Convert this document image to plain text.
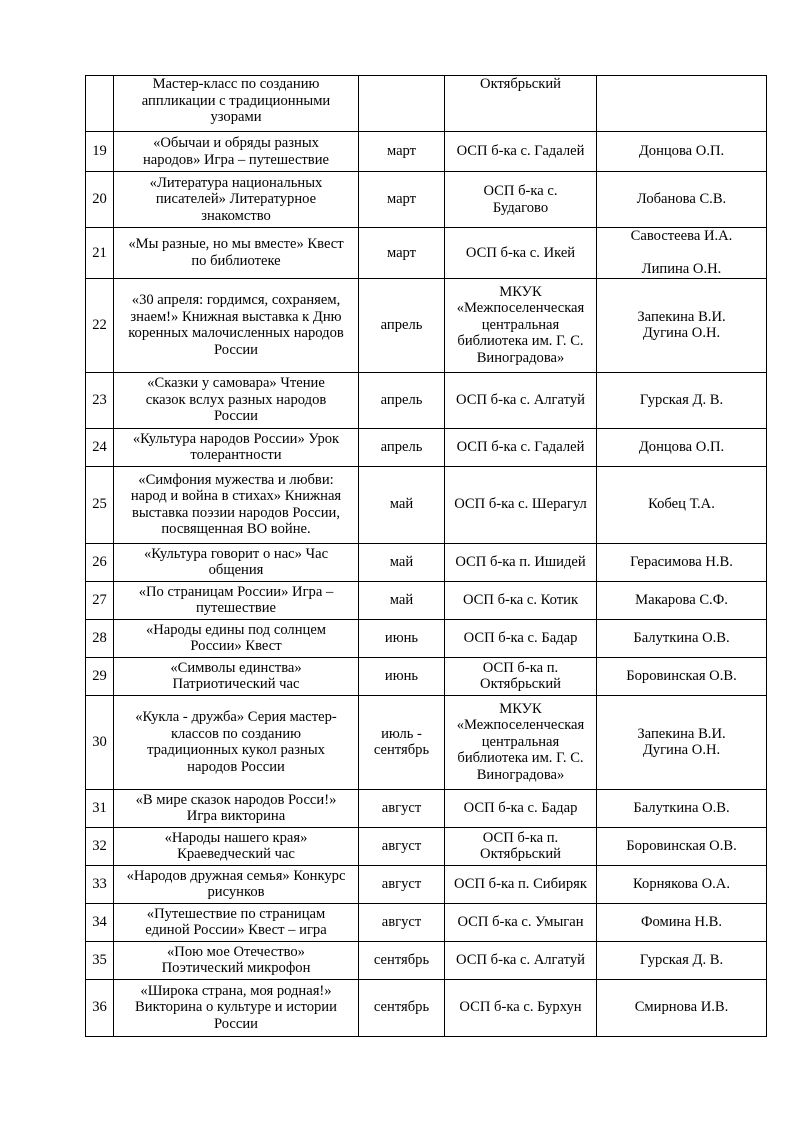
	Мастер-класс по созданию
аппликации с традиционными
узорами		Октябрьский	
19	«Обычаи и обряды разных
народов» Игра – путешествие	март	ОСП б-ка с. Гадалей	Донцова О.П.
20	«Литература национальных
писателей» Литературное
знакомство	март	ОСП б-ка с.
Будагово	Лобанова С.В.
21	«Мы разные, но мы вместе» Квест
по библиотеке	март	ОСП б-ка с. Икей	Савостеева И.А.

Липина О.Н.
22	«30 апреля: гордимся, сохраняем,
знаем!» Книжная выставка к Дню
коренных малочисленных народов
России	апрель	МКУК
«Межпоселенческая
центральная
библиотека им. Г. С.
Виноградова»	Запекина В.И.
Дугина О.Н.
23	«Сказки у самовара» Чтение
сказок вслух разных народов
России	апрель	ОСП б-ка с. Алгатуй	Гурская Д. В.
24	«Культура народов России» Урок
толерантности	апрель	ОСП б-ка с. Гадалей	Донцова О.П.
25	«Симфония мужества и любви:
народ и война в стихах» Книжная
выставка поэзии народов России,
посвященная ВО войне.	май	ОСП б-ка с. Шерагул	Кобец Т.А.
26	«Культура говорит о нас» Час
общения	май	ОСП б-ка п. Ишидей	Герасимова Н.В.
27	«По страницам России» Игра –
путешествие	май	ОСП б-ка с. Котик	Макарова С.Ф.
28	«Народы едины под солнцем
России» Квест	июнь	ОСП б-ка с. Бадар	Балуткина О.В.
29	«Символы единства»
Патриотический час	июнь	ОСП б-ка п.
Октябрьский	Боровинская О.В.
30	«Кукла - дружба» Серия мастер-
классов по созданию
традиционных кукол разных
народов России	июль -
сентябрь	МКУК
«Межпоселенческая
центральная
библиотека им. Г. С.
Виноградова»	Запекина В.И.
Дугина О.Н.
31	«В мире сказок народов Росси!»
Игра викторина	август	ОСП б-ка с. Бадар	Балуткина О.В.
32	«Народы нашего края»
Краеведческий час	август	ОСП б-ка п.
Октябрьский	Боровинская О.В.
33	«Народов дружная семья» Конкурс
рисунков	август	ОСП б-ка п. Сибиряк	Корнякова О.А.
34	«Путешествие по страницам
единой России» Квест – игра	август	ОСП б-ка с. Умыган	Фомина Н.В.
35	«Пою мое Отечество»
Поэтический микрофон	сентябрь	ОСП б-ка с. Алгатуй	Гурская Д. В.
36	«Широка страна, моя родная!»
Викторина о культуре и истории
России	сентябрь	ОСП б-ка с. Бурхун	Смирнова И.В.
